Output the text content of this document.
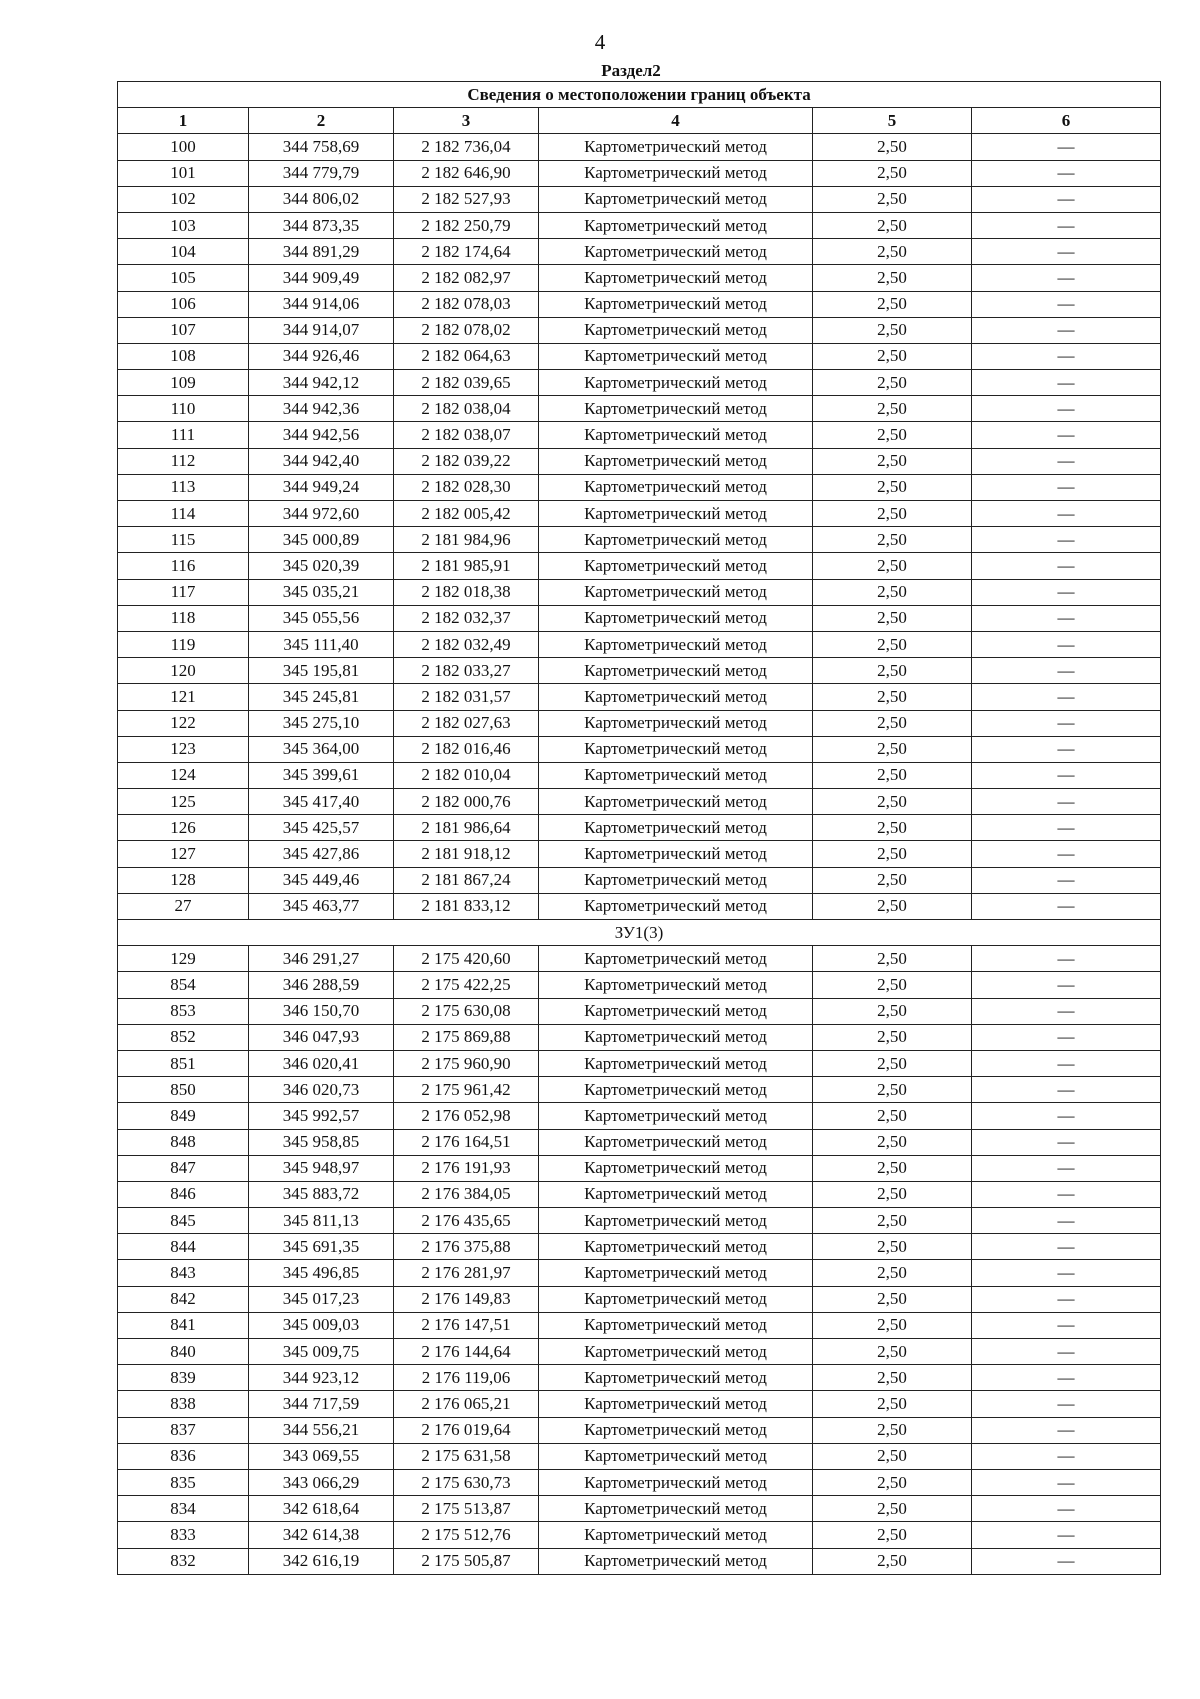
4
Раздел2
Сведения о местоположении границ объекта					
1	2	3	4	5	6
100	344 758,69	2 182 736,04	Картометрический метод	2,50	—
101	344 779,79	2 182 646,90	Картометрический метод	2,50	—
102	344 806,02	2 182 527,93	Картометрический метод	2,50	—
103	344 873,35	2 182 250,79	Картометрический метод	2,50	—
104	344 891,29	2 182 174,64	Картометрический метод	2,50	—
105	344 909,49	2 182 082,97	Картометрический метод	2,50	—
106	344 914,06	2 182 078,03	Картометрический метод	2,50	—
107	344 914,07	2 182 078,02	Картометрический метод	2,50	—
108	344 926,46	2 182 064,63	Картометрический метод	2,50	—
109	344 942,12	2 182 039,65	Картометрический метод	2,50	—
110	344 942,36	2 182 038,04	Картометрический метод	2,50	—
111	344 942,56	2 182 038,07	Картометрический метод	2,50	—
112	344 942,40	2 182 039,22	Картометрический метод	2,50	—
113	344 949,24	2 182 028,30	Картометрический метод	2,50	—
114	344 972,60	2 182 005,42	Картометрический метод	2,50	—
115	345 000,89	2 181 984,96	Картометрический метод	2,50	—
116	345 020,39	2 181 985,91	Картометрический метод	2,50	—
117	345 035,21	2 182 018,38	Картометрический метод	2,50	—
118	345 055,56	2 182 032,37	Картометрический метод	2,50	—
119	345 111,40	2 182 032,49	Картометрический метод	2,50	—
120	345 195,81	2 182 033,27	Картометрический метод	2,50	—
121	345 245,81	2 182 031,57	Картометрический метод	2,50	—
122	345 275,10	2 182 027,63	Картометрический метод	2,50	—
123	345 364,00	2 182 016,46	Картометрический метод	2,50	—
124	345 399,61	2 182 010,04	Картометрический метод	2,50	—
125	345 417,40	2 182 000,76	Картометрический метод	2,50	—
126	345 425,57	2 181 986,64	Картометрический метод	2,50	—
127	345 427,86	2 181 918,12	Картометрический метод	2,50	—
128	345 449,46	2 181 867,24	Картометрический метод	2,50	—
27	345 463,77	2 181 833,12	Картометрический метод	2,50	—
ЗУ1(3)					
129	346 291,27	2 175 420,60	Картометрический метод	2,50	—
854	346 288,59	2 175 422,25	Картометрический метод	2,50	—
853	346 150,70	2 175 630,08	Картометрический метод	2,50	—
852	346 047,93	2 175 869,88	Картометрический метод	2,50	—
851	346 020,41	2 175 960,90	Картометрический метод	2,50	—
850	346 020,73	2 175 961,42	Картометрический метод	2,50	—
849	345 992,57	2 176 052,98	Картометрический метод	2,50	—
848	345 958,85	2 176 164,51	Картометрический метод	2,50	—
847	345 948,97	2 176 191,93	Картометрический метод	2,50	—
846	345 883,72	2 176 384,05	Картометрический метод	2,50	—
845	345 811,13	2 176 435,65	Картометрический метод	2,50	—
844	345 691,35	2 176 375,88	Картометрический метод	2,50	—
843	345 496,85	2 176 281,97	Картометрический метод	2,50	—
842	345 017,23	2 176 149,83	Картометрический метод	2,50	—
841	345 009,03	2 176 147,51	Картометрический метод	2,50	—
840	345 009,75	2 176 144,64	Картометрический метод	2,50	—
839	344 923,12	2 176 119,06	Картометрический метод	2,50	—
838	344 717,59	2 176 065,21	Картометрический метод	2,50	—
837	344 556,21	2 176 019,64	Картометрический метод	2,50	—
836	343 069,55	2 175 631,58	Картометрический метод	2,50	—
835	343 066,29	2 175 630,73	Картометрический метод	2,50	—
834	342 618,64	2 175 513,87	Картометрический метод	2,50	—
833	342 614,38	2 175 512,76	Картометрический метод	2,50	—
832	342 616,19	2 175 505,87	Картометрический метод	2,50	—
